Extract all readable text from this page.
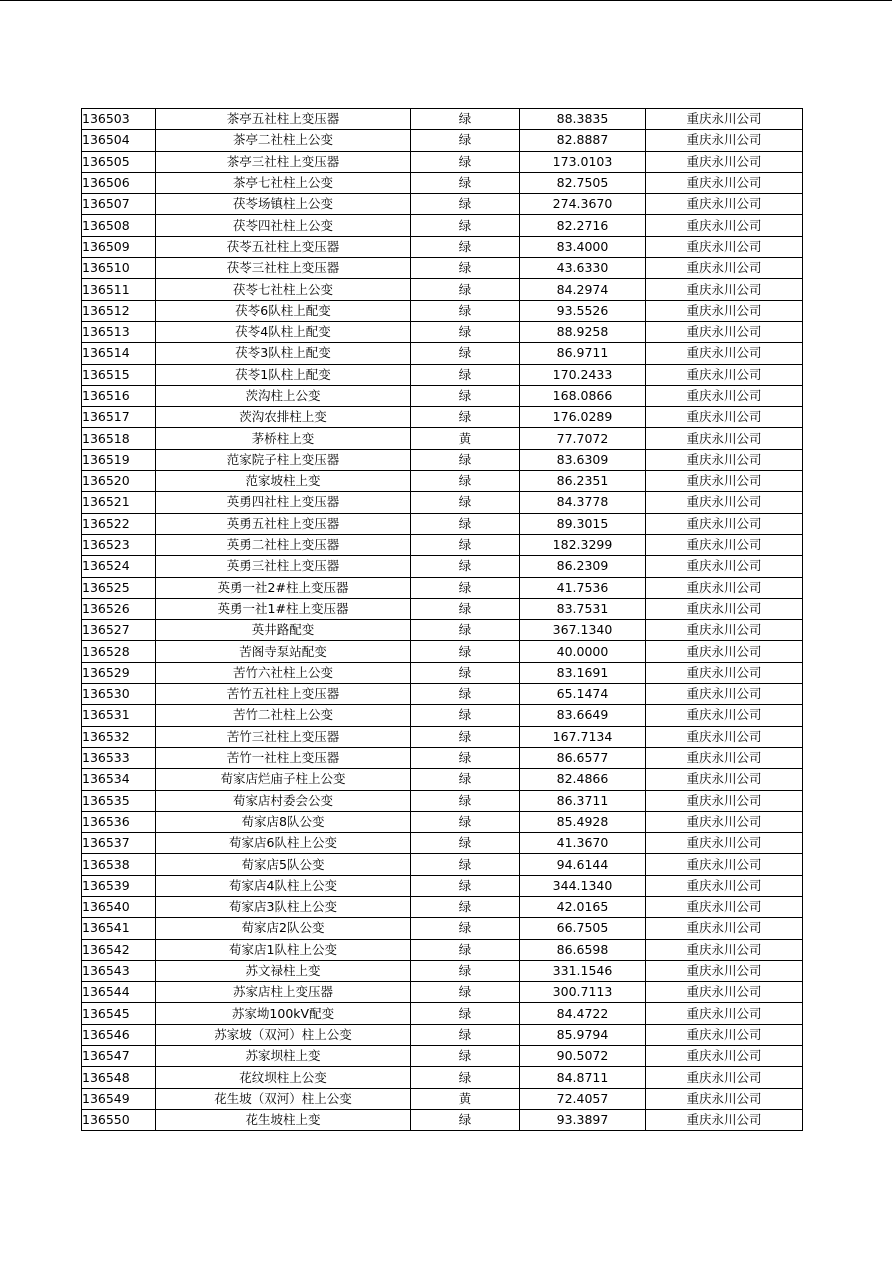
136503	茶亭五社柱上变压器	绿	88.3835	重庆永川公司
136504	茶亭二社柱上公变	绿	82.8887	重庆永川公司
136505	茶亭三社柱上变压器	绿	173.0103	重庆永川公司
136506	茶亭七社柱上公变	绿	82.7505	重庆永川公司
136507	茯苓场镇柱上公变	绿	274.3670	重庆永川公司
136508	茯苓四社柱上公变	绿	82.2716	重庆永川公司
136509	茯苓五社柱上变压器	绿	83.4000	重庆永川公司
136510	茯苓三社柱上变压器	绿	43.6330	重庆永川公司
136511	茯苓七社柱上公变	绿	84.2974	重庆永川公司
136512	茯苓6队柱上配变	绿	93.5526	重庆永川公司
136513	茯苓4队柱上配变	绿	88.9258	重庆永川公司
136514	茯苓3队柱上配变	绿	86.9711	重庆永川公司
136515	茯苓1队柱上配变	绿	170.2433	重庆永川公司
136516	茨沟柱上公变	绿	168.0866	重庆永川公司
136517	茨沟农排柱上变	绿	176.0289	重庆永川公司
136518	茅桥柱上变	黄	77.7072	重庆永川公司
136519	范家院子柱上变压器	绿	83.6309	重庆永川公司
136520	范家坡柱上变	绿	86.2351	重庆永川公司
136521	英勇四社柱上变压器	绿	84.3778	重庆永川公司
136522	英勇五社柱上变压器	绿	89.3015	重庆永川公司
136523	英勇二社柱上变压器	绿	182.3299	重庆永川公司
136524	英勇三社柱上变压器	绿	86.2309	重庆永川公司
136525	英勇一社2#柱上变压器	绿	41.7536	重庆永川公司
136526	英勇一社1#柱上变压器	绿	83.7531	重庆永川公司
136527	英井路配变	绿	367.1340	重庆永川公司
136528	苦阁寺泵站配变	绿	40.0000	重庆永川公司
136529	苦竹六社柱上公变	绿	83.1691	重庆永川公司
136530	苦竹五社柱上变压器	绿	65.1474	重庆永川公司
136531	苦竹二社柱上公变	绿	83.6649	重庆永川公司
136532	苦竹三社柱上变压器	绿	167.7134	重庆永川公司
136533	苦竹一社柱上变压器	绿	86.6577	重庆永川公司
136534	荀家店烂庙子柱上公变	绿	82.4866	重庆永川公司
136535	荀家店村委会公变	绿	86.3711	重庆永川公司
136536	荀家店8队公变	绿	85.4928	重庆永川公司
136537	荀家店6队柱上公变	绿	41.3670	重庆永川公司
136538	荀家店5队公变	绿	94.6144	重庆永川公司
136539	荀家店4队柱上公变	绿	344.1340	重庆永川公司
136540	荀家店3队柱上公变	绿	42.0165	重庆永川公司
136541	荀家店2队公变	绿	66.7505	重庆永川公司
136542	荀家店1队柱上公变	绿	86.6598	重庆永川公司
136543	苏文禄柱上变	绿	331.1546	重庆永川公司
136544	苏家店柱上变压器	绿	300.7113	重庆永川公司
136545	苏家坳100kV配变	绿	84.4722	重庆永川公司
136546	苏家坡（双河）柱上公变	绿	85.9794	重庆永川公司
136547	苏家坝柱上变	绿	90.5072	重庆永川公司
136548	花纹坝柱上公变	绿	84.8711	重庆永川公司
136549	花生坡（双河）柱上公变	黄	72.4057	重庆永川公司
136550	花生坡柱上变	绿	93.3897	重庆永川公司
